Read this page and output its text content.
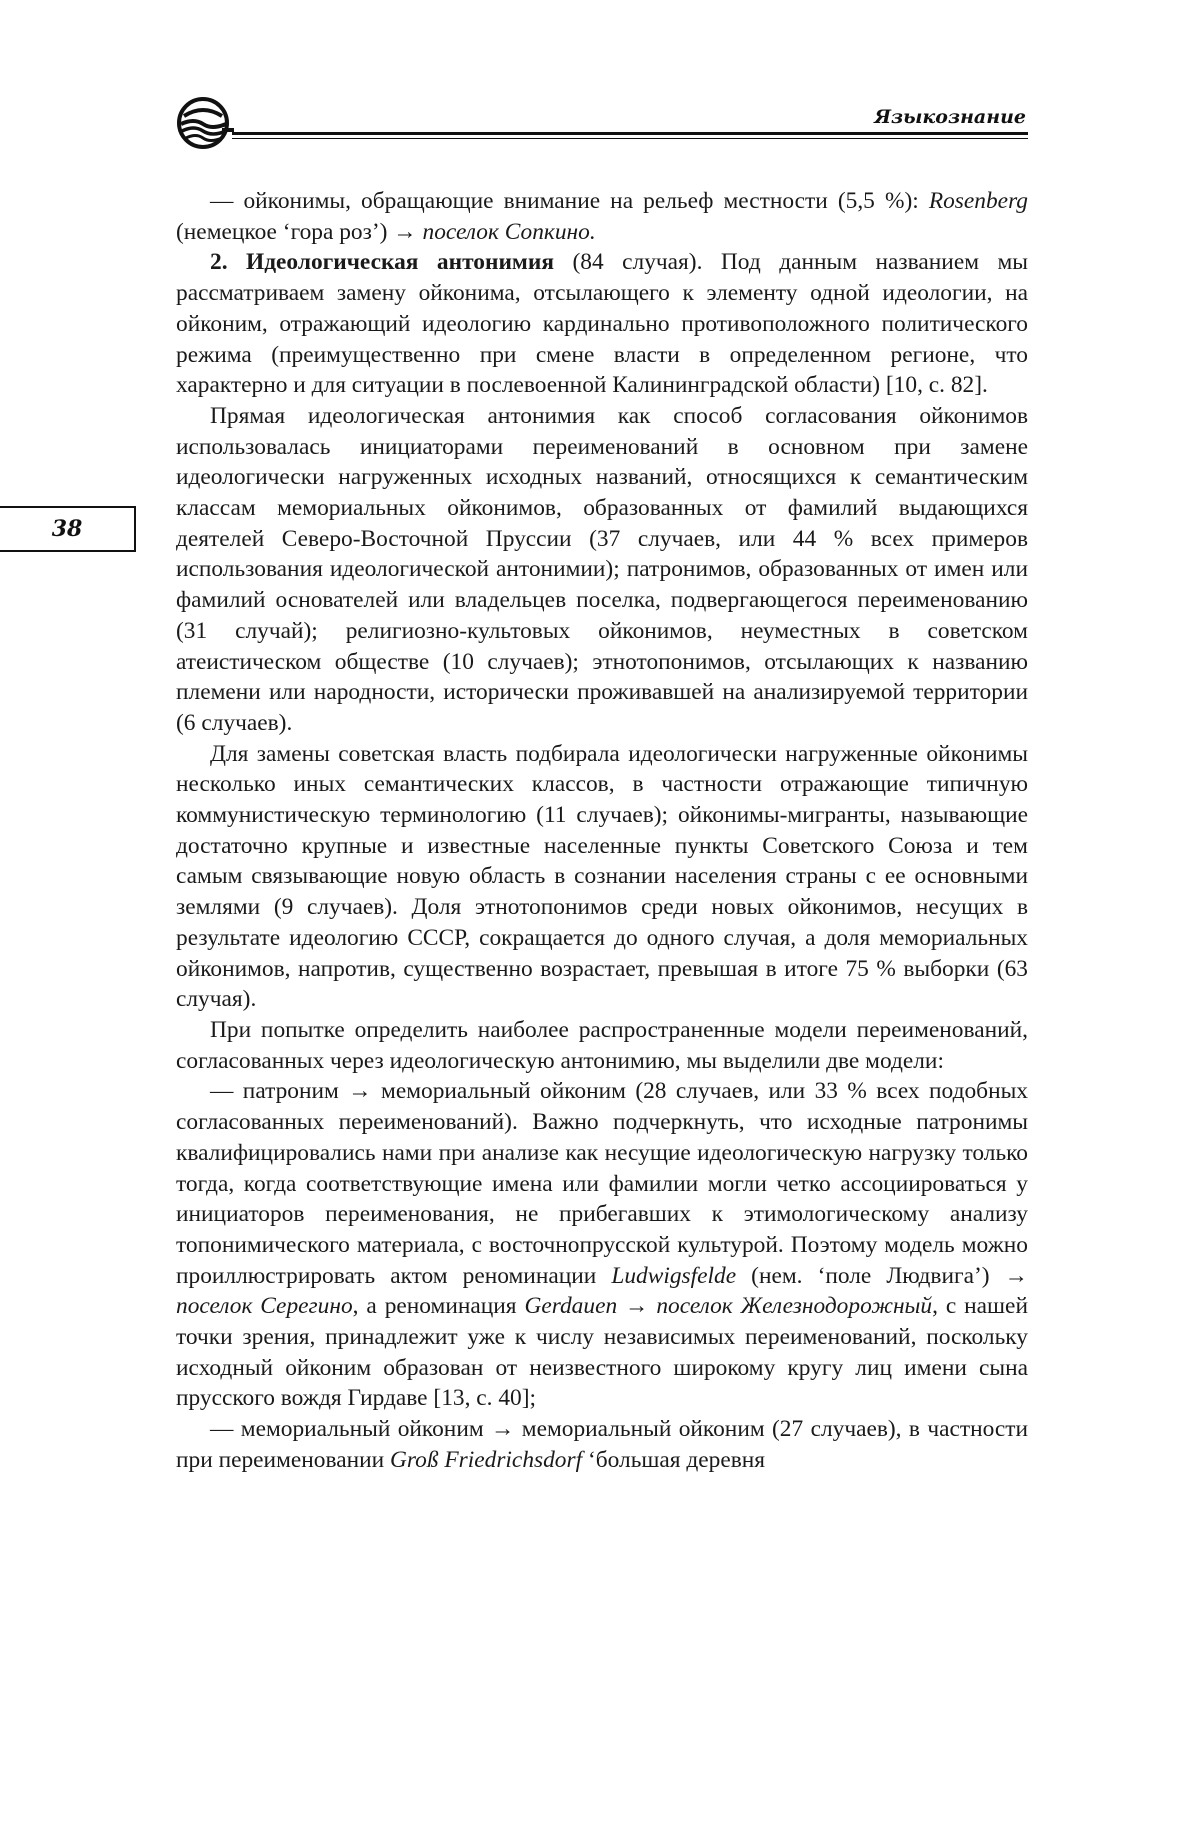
Языкознание
38

— ойконимы, обращающие внимание на рельеф местности (5,5 %): Rosenberg (немецкое ‘гора роз’) → поселок Сопкино.

2. Идеологическая антонимия (84 случая). Под данным названием мы рассматриваем замену ойконима, отсылающего к элементу одной идеологии, на ойконим, отражающий идеологию кардинально противоположного политического режима (преимущественно при смене власти в определенном регионе, что характерно и для ситуации в послевоенной Калининградской области) [10, с. 82].

Прямая идеологическая антонимия как способ согласования ойконимов использовалась инициаторами переименований в основном при замене идеологически нагруженных исходных названий, относящихся к семантическим классам мемориальных ойконимов, образованных от фамилий выдающихся деятелей Северо-Восточной Пруссии (37 случаев, или 44 % всех примеров использования идеологической антонимии); патронимов, образованных от имен или фамилий основателей или владельцев поселка, подвергающегося переименованию (31 случай); религиозно-культовых ойконимов, неуместных в советском атеистическом обществе (10 случаев); этнотопонимов, отсылающих к названию племени или народности, исторически проживавшей на анализируемой территории (6 случаев).

Для замены советская власть подбирала идеологически нагруженные ойконимы несколько иных семантических классов, в частности отражающие типичную коммунистическую терминологию (11 случаев); ойконимы-мигранты, называющие достаточно крупные и известные населенные пункты Советского Союза и тем самым связывающие новую область в сознании населения страны с ее основными землями (9 случаев). Доля этнотопонимов среди новых ойконимов, несущих в результате идеологию СССР, сокращается до одного случая, а доля мемориальных ойконимов, напротив, существенно возрастает, превышая в итоге 75 % выборки (63 случая).

При попытке определить наиболее распространенные модели переименований, согласованных через идеологическую антонимию, мы выделили две модели:

— патроним → мемориальный ойконим (28 случаев, или 33 % всех подобных согласованных переименований). Важно подчеркнуть, что исходные патронимы квалифицировались нами при анализе как несущие идеологическую нагрузку только тогда, когда соответствующие имена или фамилии могли четко ассоциироваться у инициаторов переименования, не прибегавших к этимологическому анализу топонимического материала, с восточнопрусской культурой. Поэтому модель можно проиллюстрировать актом реноминации Ludwigsfelde (нем. ‘поле Людвига’) → поселок Серегино, а реноминация Gerdauen → поселок Железнодорожный, с нашей точки зрения, принадлежит уже к числу независимых переименований, поскольку исходный ойконим образован от неизвестного широкому кругу лиц имени сына прусского вождя Гирдаве [13, с. 40];

— мемориальный ойконим → мемориальный ойконим (27 случаев), в частности при переименовании Groß Friedrichsdorf ‘большая деревня
